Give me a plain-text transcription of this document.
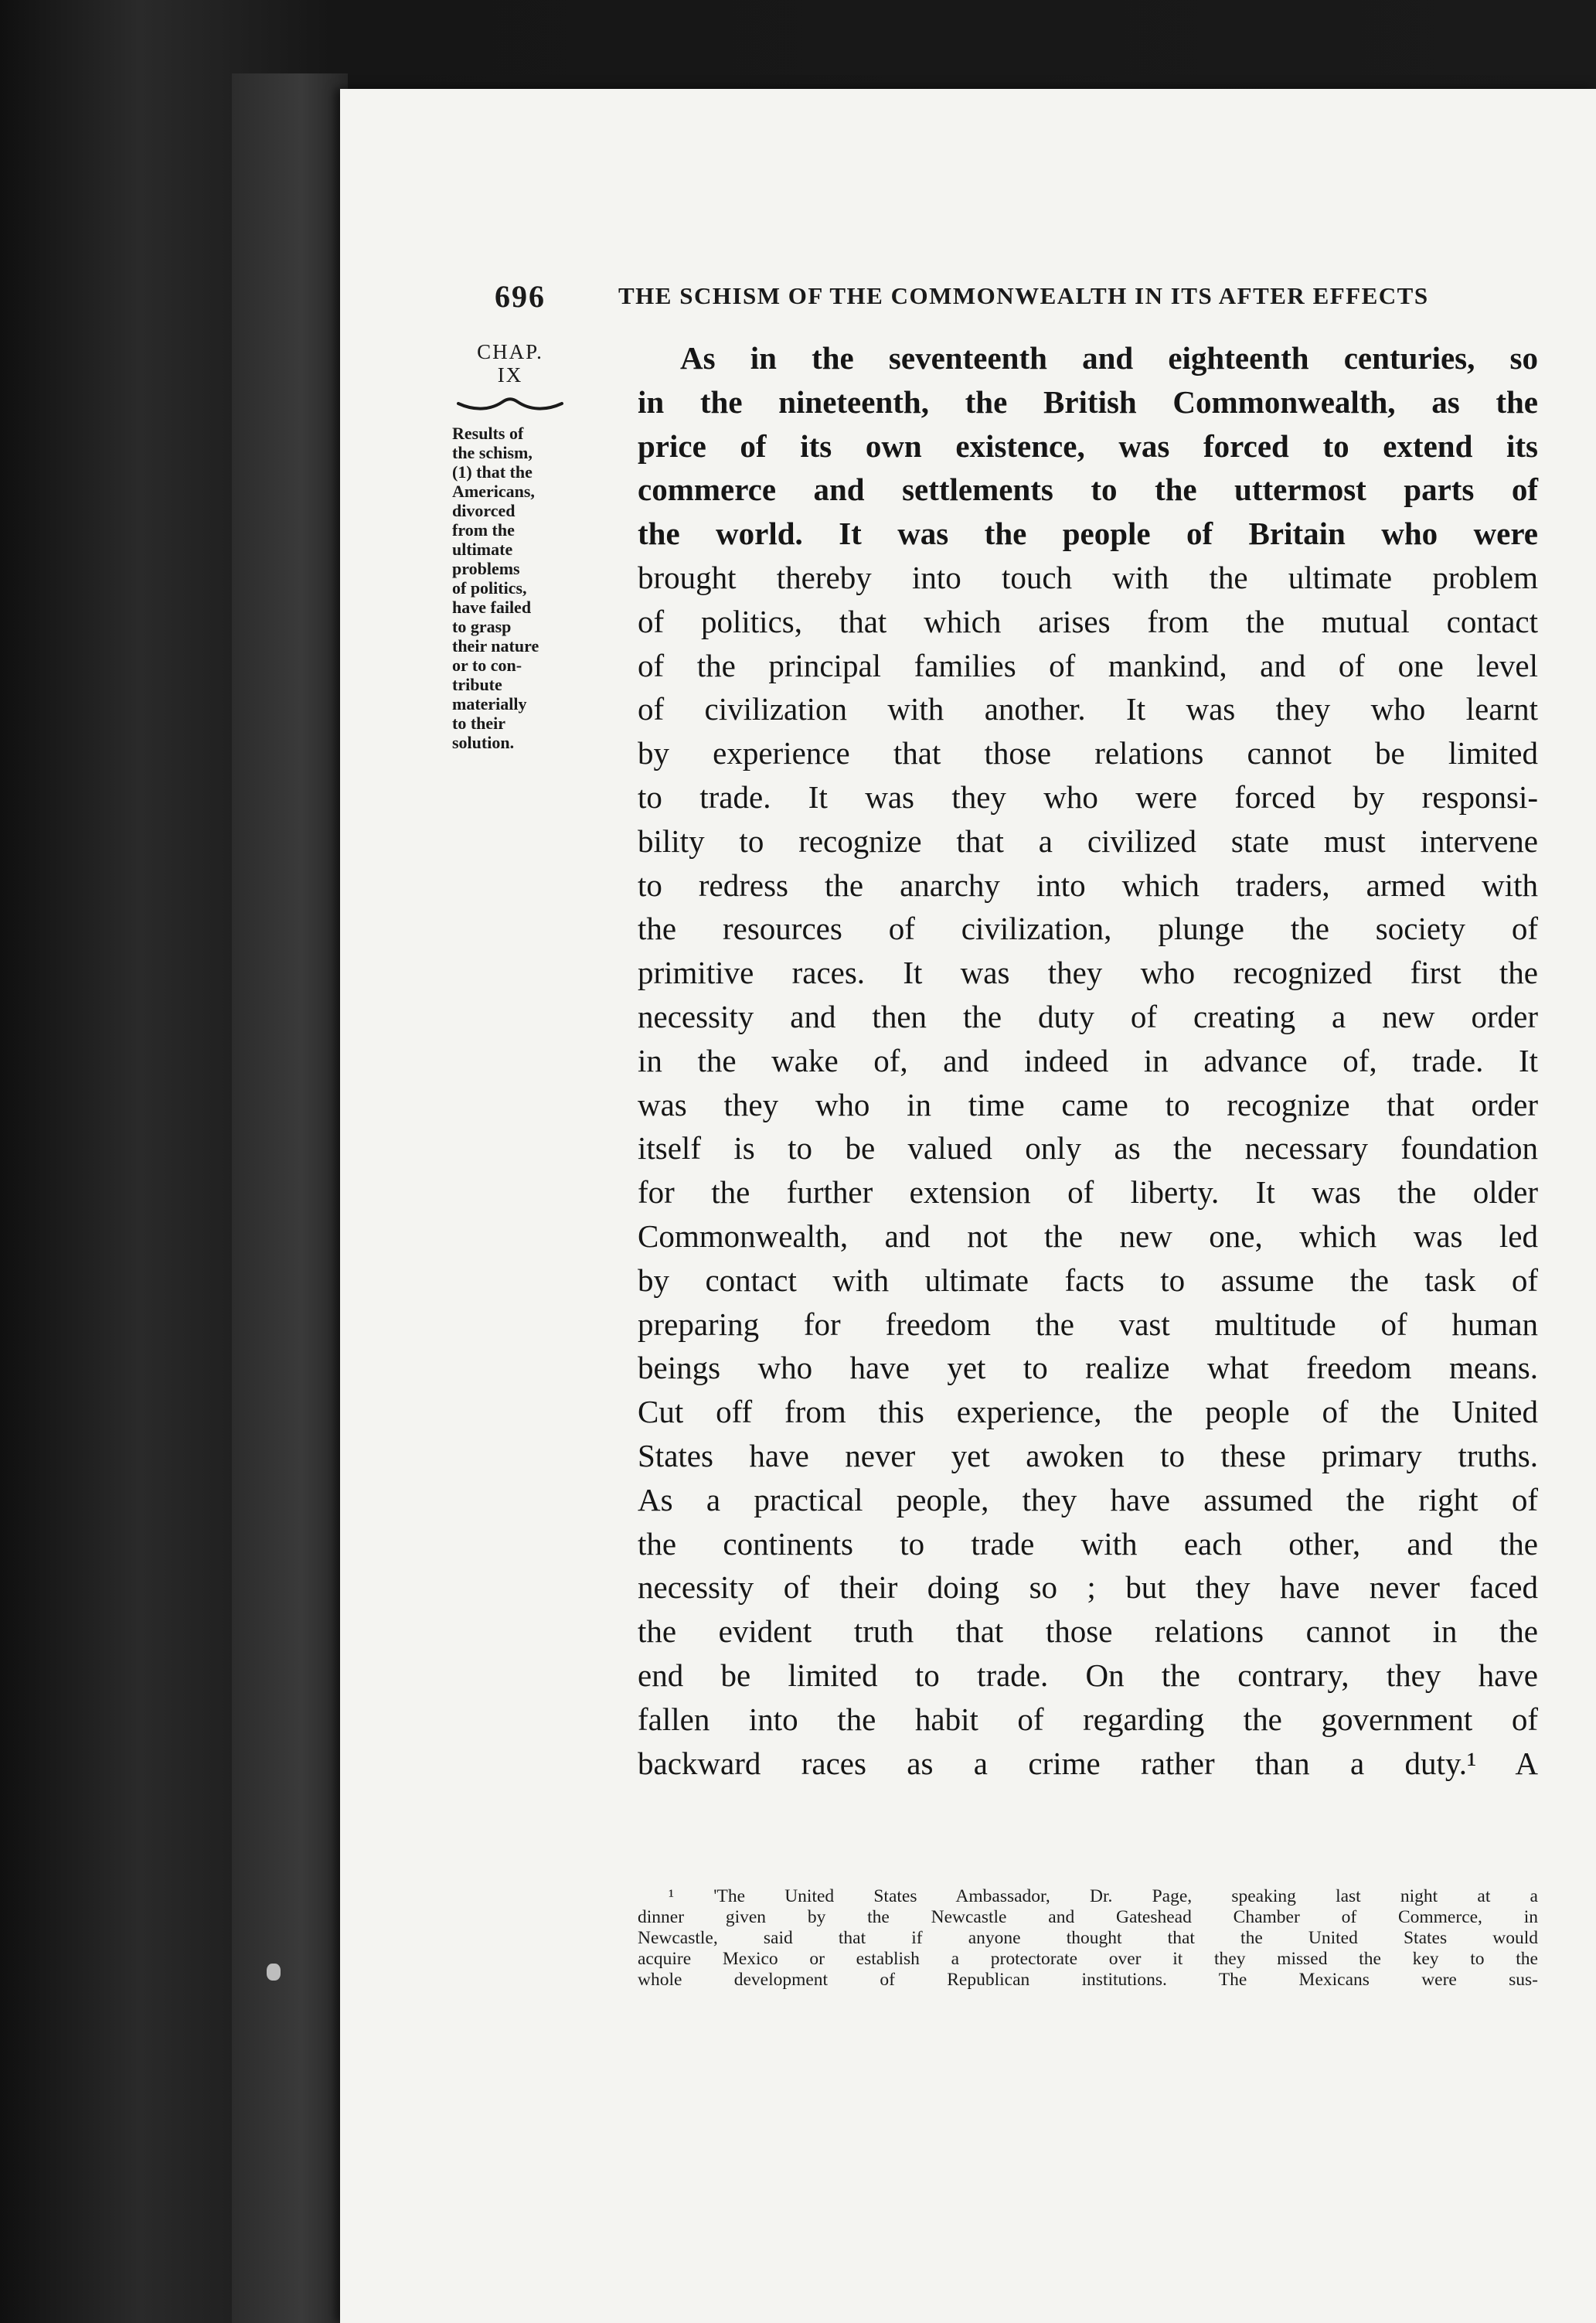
696	THE SCHISM OF THE COMMONWEALTH IN ITS AFTER EFFECTS
CHAP.
IX
Results of
the schism,
(1) that the
Americans,
divorced
from the
ultimate
problems
of politics,
have failed
to grasp
their nature
or to con-
tribute
materially
to their
solution.
As in the seventeenth and eighteenth centuries, so
in the nineteenth, the British Commonwealth, as the
price of its own existence, was forced to extend its
commerce and settlements to the uttermost parts of
the world. It was the people of Britain who were
brought thereby into touch with the ultimate problem
of politics, that which arises from the mutual contact
of the principal families of mankind, and of one level
of civilization with another. It was they who learnt
by experience that those relations cannot be limited
to trade. It was they who were forced by responsi-
bility to recognize that a civilized state must intervene
to redress the anarchy into which traders, armed with
the resources of civilization, plunge the society of
primitive races. It was they who recognized first the
necessity and then the duty of creating a new order
in the wake of, and indeed in advance of, trade. It
was they who in time came to recognize that order
itself is to be valued only as the necessary foundation
for the further extension of liberty. It was the older
Commonwealth, and not the new one, which was led
by contact with ultimate facts to assume the task of
preparing for freedom the vast multitude of human
beings who have yet to realize what freedom means.
Cut off from this experience, the people of the United
States have never yet awoken to these primary truths.
As a practical people, they have assumed the right of
the continents to trade with each other, and the
necessity of their doing so ; but they have never faced
the evident truth that those relations cannot in the
end be limited to trade. On the contrary, they have
fallen into the habit of regarding the government of
backward races as a crime rather than a duty.¹ A
¹ 'The United States Ambassador, Dr. Page, speaking last night at a
dinner given by the Newcastle and Gateshead Chamber of Commerce, in
Newcastle, said that if anyone thought that the United States would
acquire Mexico or establish a protectorate over it they missed the key to the
whole development of Republican institutions. The Mexicans were sus-
